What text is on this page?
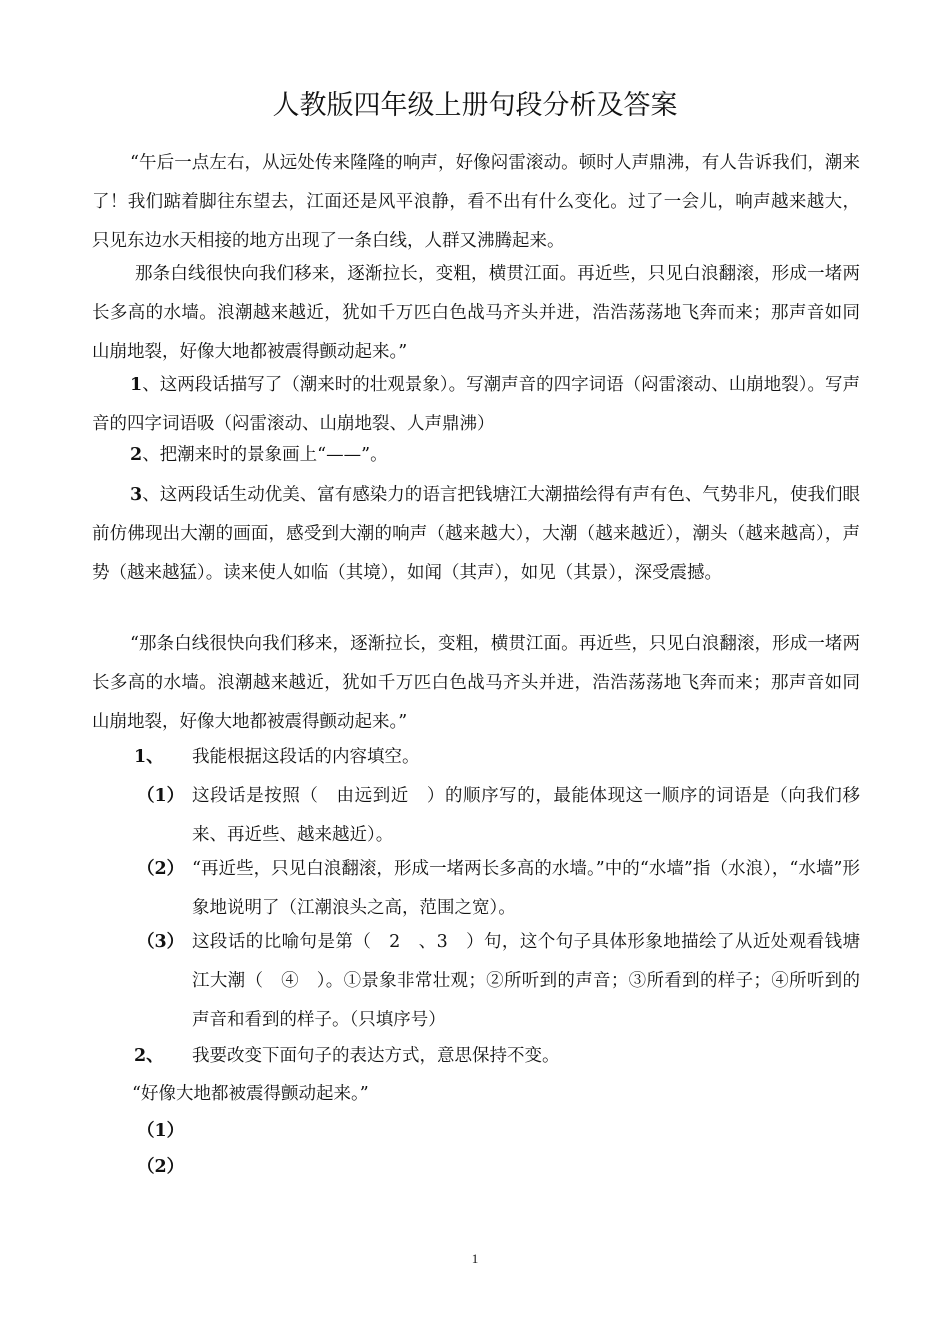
人教版四年级上册句段分析及答案
“午后一点左右，从远处传来隆隆的响声，好像闷雷滚动。顿时人声鼎沸，有人告诉我们，潮来了！我们踮着脚往东望去，江面还是风平浪静，看不出有什么变化。过了一会儿，响声越来越大，只见东边水天相接的地方出现了一条白线，人群又沸腾起来。
那条白线很快向我们移来，逐渐拉长，变粗，横贯江面。再近些，只见白浪翻滚，形成一堵两长多高的水墙。浪潮越来越近，犹如千万匹白色战马齐头并进，浩浩荡荡地飞奔而来；那声音如同山崩地裂，好像大地都被震得颤动起来。”
1、这两段话描写了（潮来时的壮观景象）。写潮声音的四字词语（闷雷滚动、山崩地裂）。写声音的四字词语吸（闷雷滚动、山崩地裂、人声鼎沸）
2、把潮来时的景象画上“——”。
3、这两段话生动优美、富有感染力的语言把钱塘江大潮描绘得有声有色、气势非凡，使我们眼前仿佛现出大潮的画面，感受到大潮的响声（越来越大），大潮（越来越近），潮头（越来越高），声势（越来越猛）。读来使人如临（其境），如闻（其声），如见（其景），深受震撼。
“那条白线很快向我们移来，逐渐拉长，变粗，横贯江面。再近些，只见白浪翻滚，形成一堵两长多高的水墙。浪潮越来越近，犹如千万匹白色战马齐头并进，浩浩荡荡地飞奔而来；那声音如同山崩地裂，好像大地都被震得颤动起来。”
1、 我能根据这段话的内容填空。
（1） 这段话是按照（　由远到近　）的顺序写的，最能体现这一顺序的词语是（向我们移来、再近些、越来越近）。
（2） “再近些，只见白浪翻滚，形成一堵两长多高的水墙。”中的“水墙”指（水浪），“水墙”形象地说明了（江潮浪头之高，范围之宽）。
（3） 这段话的比喻句是第（　2　、3　）句，这个句子具体形象地描绘了从近处观看钱塘江大潮（　④　）。①景象非常壮观；②所听到的声音；③所看到的样子；④所听到的声音和看到的样子。（只填序号）
2、 我要改变下面句子的表达方式，意思保持不变。
“好像大地都被震得颤动起来。”
（1）
（2）
1
